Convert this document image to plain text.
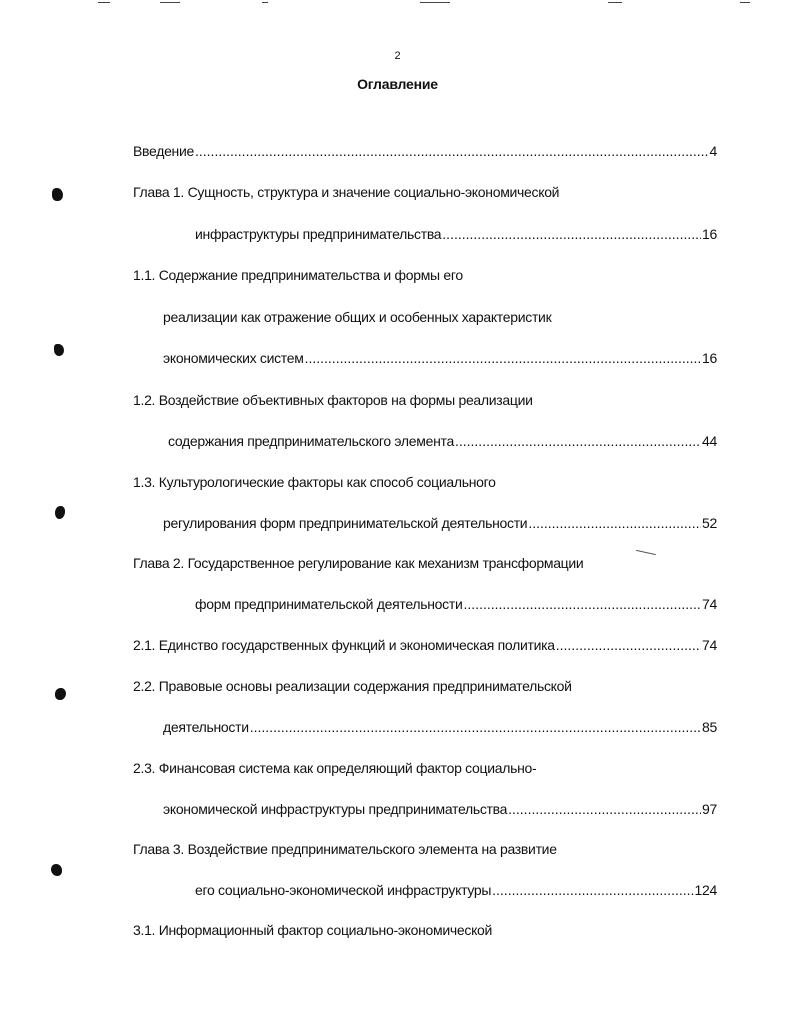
2
Оглавление
Введение .....	4
Глава 1. Сущность, структура и значение социально-экономической
инфраструктуры предпринимательства .....	16
1.1. Содержание предпринимательства и формы его
реализации как отражение общих и особенных характеристик
экономических систем .....	16
1.2. Воздействие объективных факторов на формы реализации
содержания предпринимательского элемента .....	44
1.3. Культурологические факторы как способ социального
регулирования форм предпринимательской деятельности .....	52
Глава 2. Государственное регулирование как механизм трансформации
форм предпринимательской деятельности .....	74
2.1. Единство государственных функций и экономическая политика .....	74
2.2. Правовые основы реализации содержания предпринимательской
деятельности .....	85
2.3. Финансовая система как определяющий фактор социально-
экономической инфраструктуры предпринимательства .....	97
Глава 3. Воздействие предпринимательского элемента на развитие
его социально-экономической инфраструктуры .....	124
3.1. Информационный фактор социально-экономической
